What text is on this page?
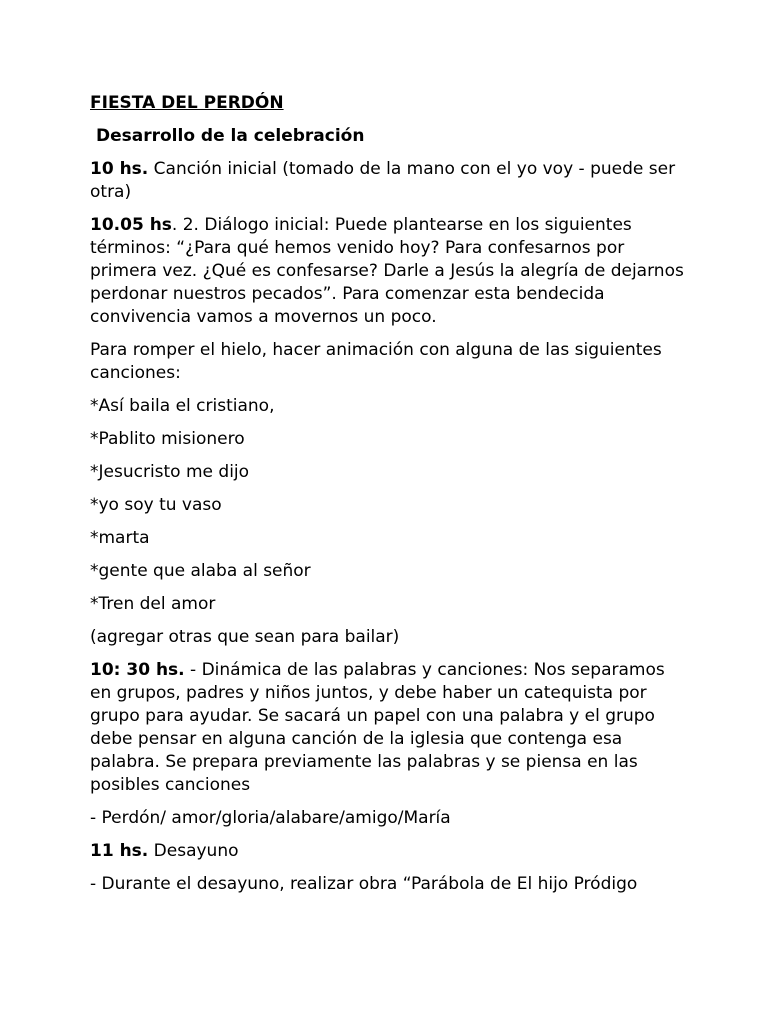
FIESTA DEL PERDÓN

Desarrollo de la celebración

10 hs. Canción inicial (tomado de la mano con el yo voy - puede ser otra)

10.05 hs. 2. Diálogo inicial: Puede plantearse en los siguientes términos: “¿Para qué hemos venido hoy? Para confesarnos por primera vez. ¿Qué es confesarse? Darle a Jesús la alegría de dejarnos perdonar nuestros pecados”. Para comenzar esta bendecida convivencia vamos a movernos un poco.

Para romper el hielo, hacer animación con alguna de las siguientes canciones:

*Así baila el cristiano,

*Pablito misionero

*Jesucristo me dijo

*yo soy tu vaso

*marta

*gente que alaba al señor

*Tren del amor

(agregar otras que sean para bailar)

10: 30 hs. - Dinámica de las palabras y canciones: Nos separamos en grupos, padres y niños juntos, y debe haber un catequista por grupo para ayudar. Se sacará un papel con una palabra y el grupo debe pensar en alguna canción de la iglesia que contenga esa palabra. Se prepara previamente las palabras y se piensa en las posibles canciones

- Perdón/ amor/gloria/alabare/amigo/María

11 hs. Desayuno

- Durante el desayuno, realizar obra “Parábola de El hijo Pródigo
